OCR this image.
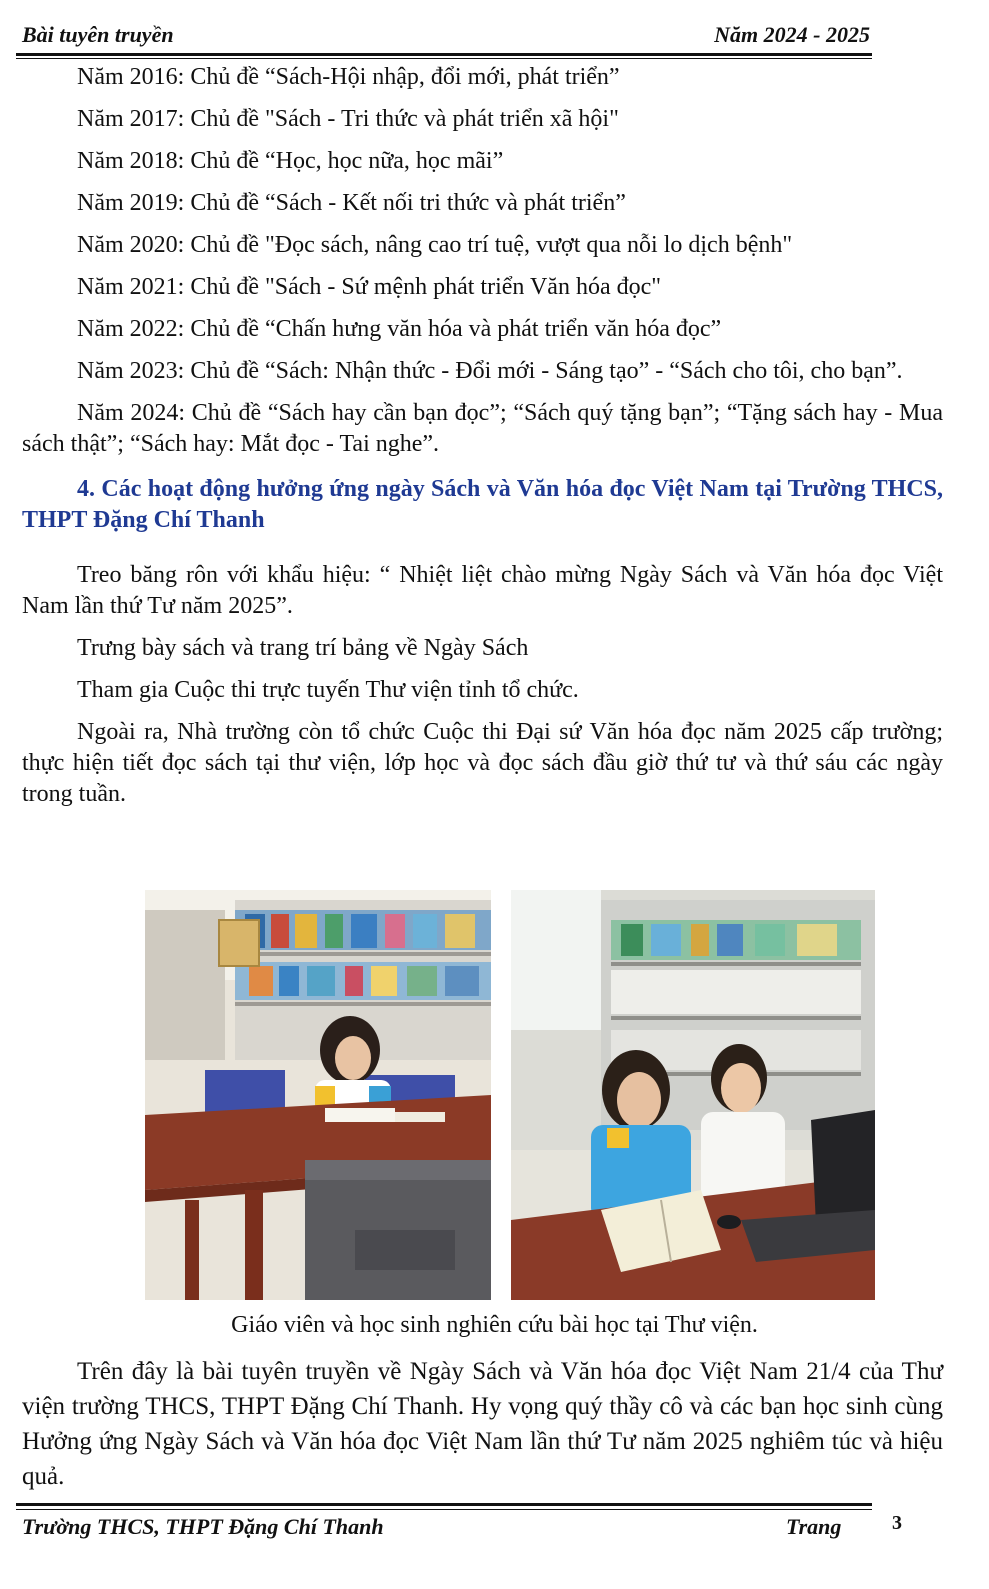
Bài tuyên truyền	Năm 2024 - 2025

Năm 2016: Chủ đề “Sách-Hội nhập, đổi mới, phát triển”

Năm 2017: Chủ đề "Sách - Tri thức và phát triển xã hội"

Năm 2018: Chủ đề “Học, học nữa, học mãi”

Năm 2019: Chủ đề “Sách - Kết nối tri thức và phát triển”

Năm 2020: Chủ đề "Đọc sách, nâng cao trí tuệ, vượt qua nỗi lo dịch bệnh"

Năm 2021: Chủ đề "Sách - Sứ mệnh phát triển Văn hóa đọc"

Năm 2022: Chủ đề “Chấn hưng văn hóa và phát triển văn hóa đọc”

Năm 2023: Chủ đề “Sách: Nhận thức - Đổi mới - Sáng tạo” - “Sách cho tôi, cho bạn”.

Năm 2024: Chủ đề “Sách hay cần bạn đọc”; “Sách quý tặng bạn”; “Tặng sách hay - Mua sách thật”; “Sách hay: Mắt đọc - Tai nghe”.

4. Các hoạt động hưởng ứng ngày Sách và Văn hóa đọc Việt Nam tại Trường THCS, THPT Đặng Chí Thanh

Treo băng rôn với khẩu hiệu: “ Nhiệt liệt chào mừng Ngày Sách và Văn hóa đọc Việt Nam lần thứ Tư năm 2025”.

Trưng bày sách và trang trí bảng về Ngày Sách

Tham gia Cuộc thi trực tuyến Thư viện tỉnh tổ chức.

Ngoài ra, Nhà trường còn tổ chức Cuộc thi Đại sứ Văn hóa đọc năm 2025 cấp trường; thực hiện tiết đọc sách tại thư viện, lớp học và đọc sách đầu giờ thứ tư và thứ sáu các ngày trong tuần.

Giáo viên và học sinh nghiên cứu bài học tại Thư viện.

Trên đây là bài tuyên truyền về Ngày Sách và Văn hóa đọc Việt Nam 21/4 của Thư viện trường THCS, THPT Đặng Chí Thanh. Hy vọng quý thầy cô và các bạn học sinh cùng Hưởng ứng Ngày Sách và Văn hóa đọc Việt Nam lần thứ Tư năm 2025 nghiêm túc và hiệu quả.

Trường THCS, THPT Đặng Chí Thanh	Trang	3
